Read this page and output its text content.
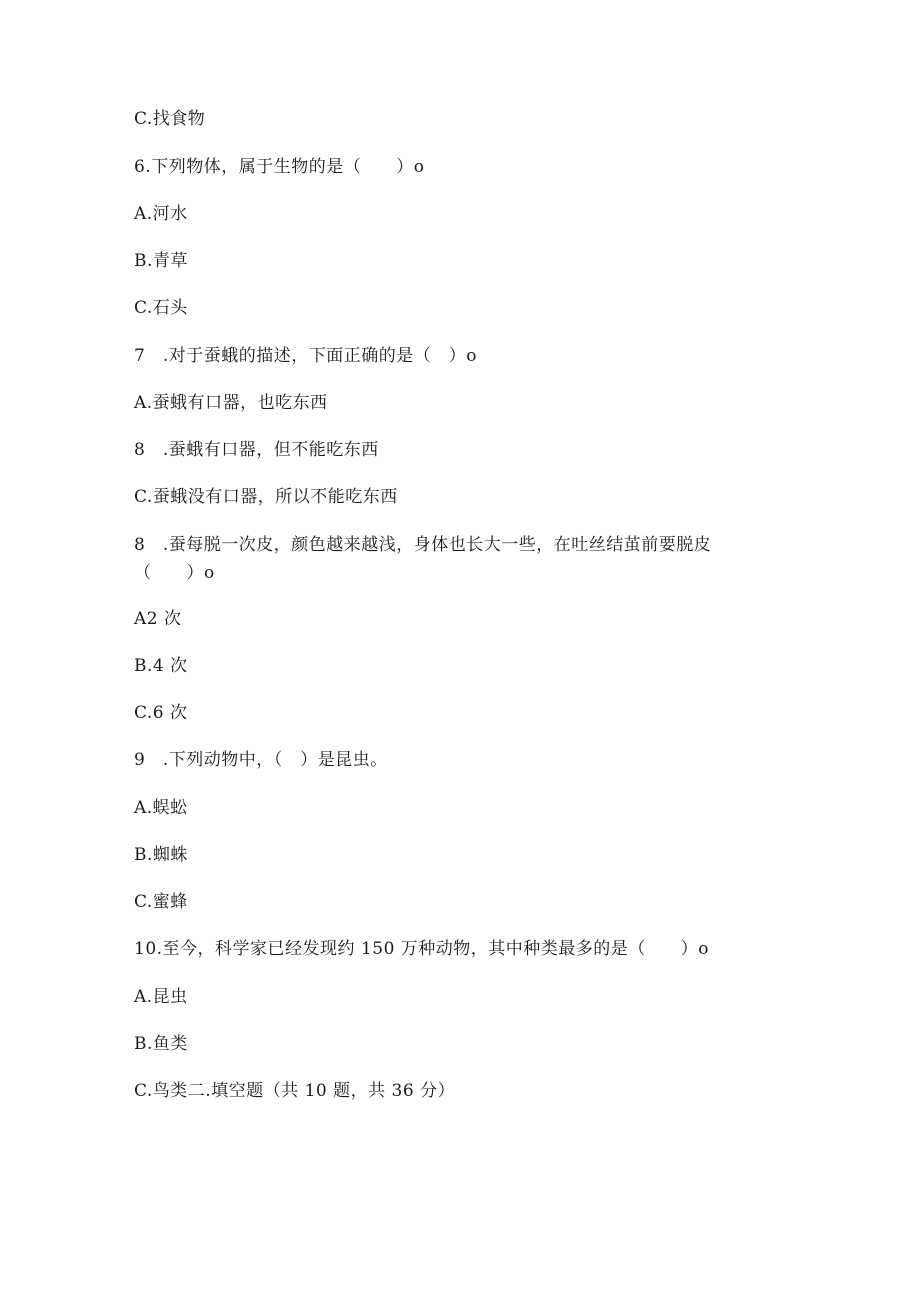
C.找食物
6.下列物体，属于生物的是（　　）o
A.河水
B.青草
C.石头
7　.对于蚕蛾的描述，下面正确的是（　）o
A.蚕蛾有口器，也吃东西
8　.蚕蛾有口器，但不能吃东西
C.蚕蛾没有口器，所以不能吃东西
8　.蚕每脱一次皮，颜色越来越浅，身体也长大一些，在吐丝结茧前要脱皮
（　　）o
A2 次
B.4 次
C.6 次
9　.下列动物中，（　）是昆虫。
A.蜈蚣
B.蜘蛛
C.蜜蜂
10.至今，科学家已经发现约 150 万种动物，其中种类最多的是（　　）o
A.昆虫
B.鱼类
C.鸟类二.填空题（共 10 题，共 36 分）
